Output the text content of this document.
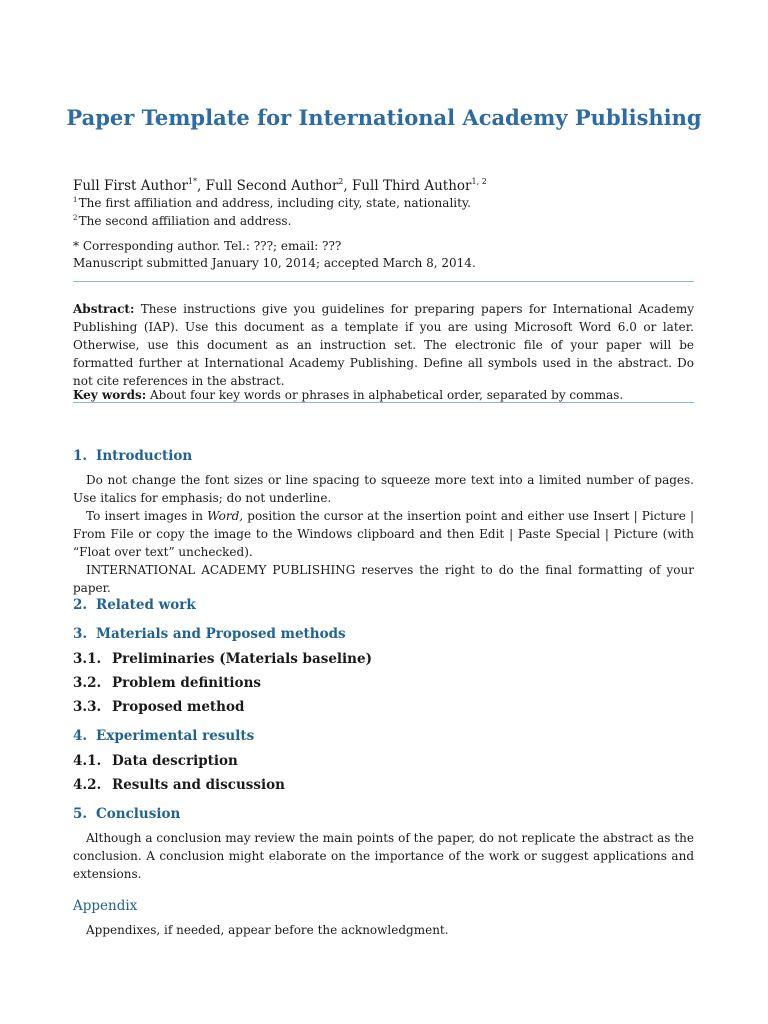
Paper Template for International Academy Publishing
Full First Author$^{1*}$, Full Second Author$^2$, Full Third Author$^{1, 2}$
$^1$ The first affiliation and address, including city, state, nationality.
$^2$ The second affiliation and address.
* Corresponding author. Tel.: ???; email: ???
Manuscript submitted January 10, 2014; accepted March 8, 2014.
Abstract: These instructions give you guidelines for preparing papers for International Academy Publishing (IAP). Use this document as a template if you are using Microsoft Word 6.0 or later. Otherwise, use this document as an instruction set. The electronic file of your paper will be formatted further at International Academy Publishing. Define all symbols used in the abstract. Do not cite references in the abstract.
Key words: About four key words or phrases in alphabetical order, separated by commas.
1. Introduction

Do not change the font sizes or line spacing to squeeze more text into a limited number of pages. Use italics for emphasis; do not underline.

To insert images in Word, position the cursor at the insertion point and either use Insert | Picture | From File or copy the image to the Windows clipboard and then Edit | Paste Special | Picture (with “Float over text” unchecked).

INTERNATIONAL ACADEMY PUBLISHING reserves the right to do the final formatting of your paper.

2. Related work
3. Materials and Proposed methods
3.1. Preliminaries (Materials baseline)
3.2. Problem definitions
3.3. Proposed method
4. Experimental results
4.1. Data description
4.2. Results and discussion
5. Conclusion

Although a conclusion may review the main points of the paper, do not replicate the abstract as the conclusion. A conclusion might elaborate on the importance of the work or suggest applications and extensions.

Appendix

Appendixes, if needed, appear before the acknowledgment.
